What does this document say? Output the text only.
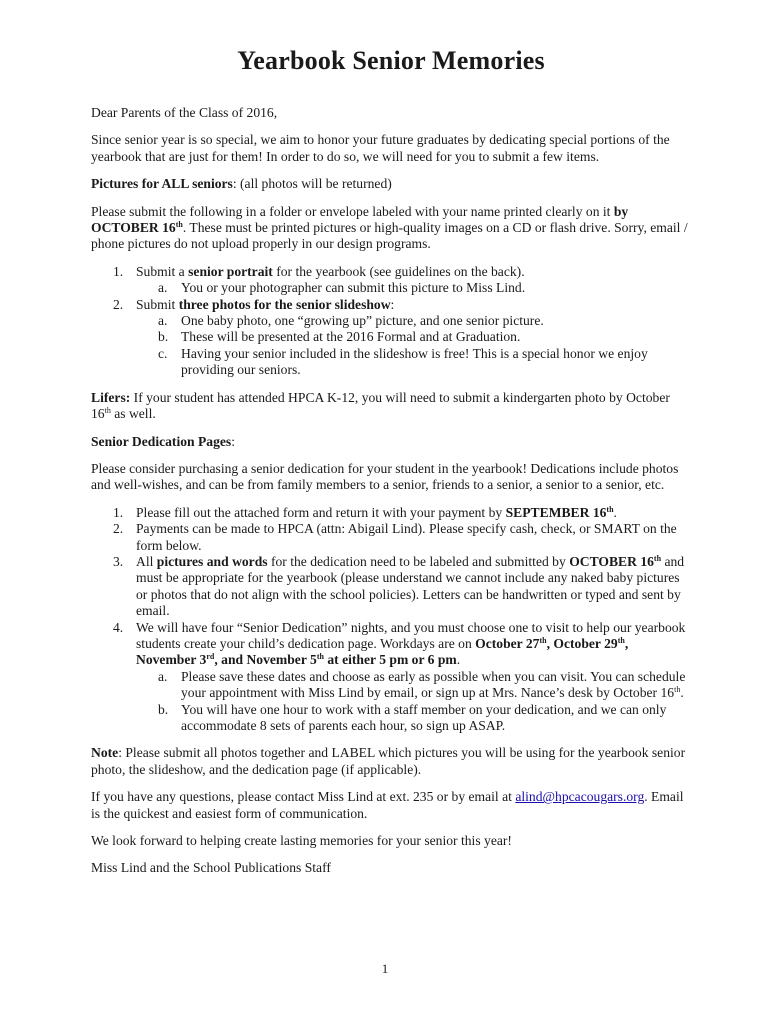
Yearbook Senior Memories

Dear Parents of the Class of 2016,

Since senior year is so special, we aim to honor your future graduates by dedicating special portions of the yearbook that are just for them! In order to do so, we will need for you to submit a few items.

Pictures for ALL seniors: (all photos will be returned)

Please submit the following in a folder or envelope labeled with your name printed clearly on it by OCTOBER 16th. These must be printed pictures or high-quality images on a CD or flash drive. Sorry, email / phone pictures do not upload properly in our design programs.

1. Submit a senior portrait for the yearbook (see guidelines on the back).
a. You or your photographer can submit this picture to Miss Lind.
2. Submit three photos for the senior slideshow:
a. One baby photo, one “growing up” picture, and one senior picture.
b. These will be presented at the 2016 Formal and at Graduation.
c. Having your senior included in the slideshow is free! This is a special honor we enjoy providing our seniors.

Lifers: If your student has attended HPCA K-12, you will need to submit a kindergarten photo by October 16th as well.

Senior Dedication Pages:

Please consider purchasing a senior dedication for your student in the yearbook! Dedications include photos and well-wishes, and can be from family members to a senior, friends to a senior, a senior to a senior, etc.

1. Please fill out the attached form and return it with your payment by SEPTEMBER 16th.
2. Payments can be made to HPCA (attn: Abigail Lind). Please specify cash, check, or SMART on the form below.
3. All pictures and words for the dedication need to be labeled and submitted by OCTOBER 16th and must be appropriate for the yearbook (please understand we cannot include any naked baby pictures or photos that do not align with the school policies). Letters can be handwritten or typed and sent by email.
4. We will have four “Senior Dedication” nights, and you must choose one to visit to help our yearbook students create your child’s dedication page. Workdays are on October 27th, October 29th, November 3rd, and November 5th at either 5 pm or 6 pm.
a. Please save these dates and choose as early as possible when you can visit. You can schedule your appointment with Miss Lind by email, or sign up at Mrs. Nance’s desk by October 16th.
b. You will have one hour to work with a staff member on your dedication, and we can only accommodate 8 sets of parents each hour, so sign up ASAP.

Note: Please submit all photos together and LABEL which pictures you will be using for the yearbook senior photo, the slideshow, and the dedication page (if applicable).

If you have any questions, please contact Miss Lind at ext. 235 or by email at alind@hpcacougars.org. Email is the quickest and easiest form of communication.

We look forward to helping create lasting memories for your senior this year!

Miss Lind and the School Publications Staff

1
